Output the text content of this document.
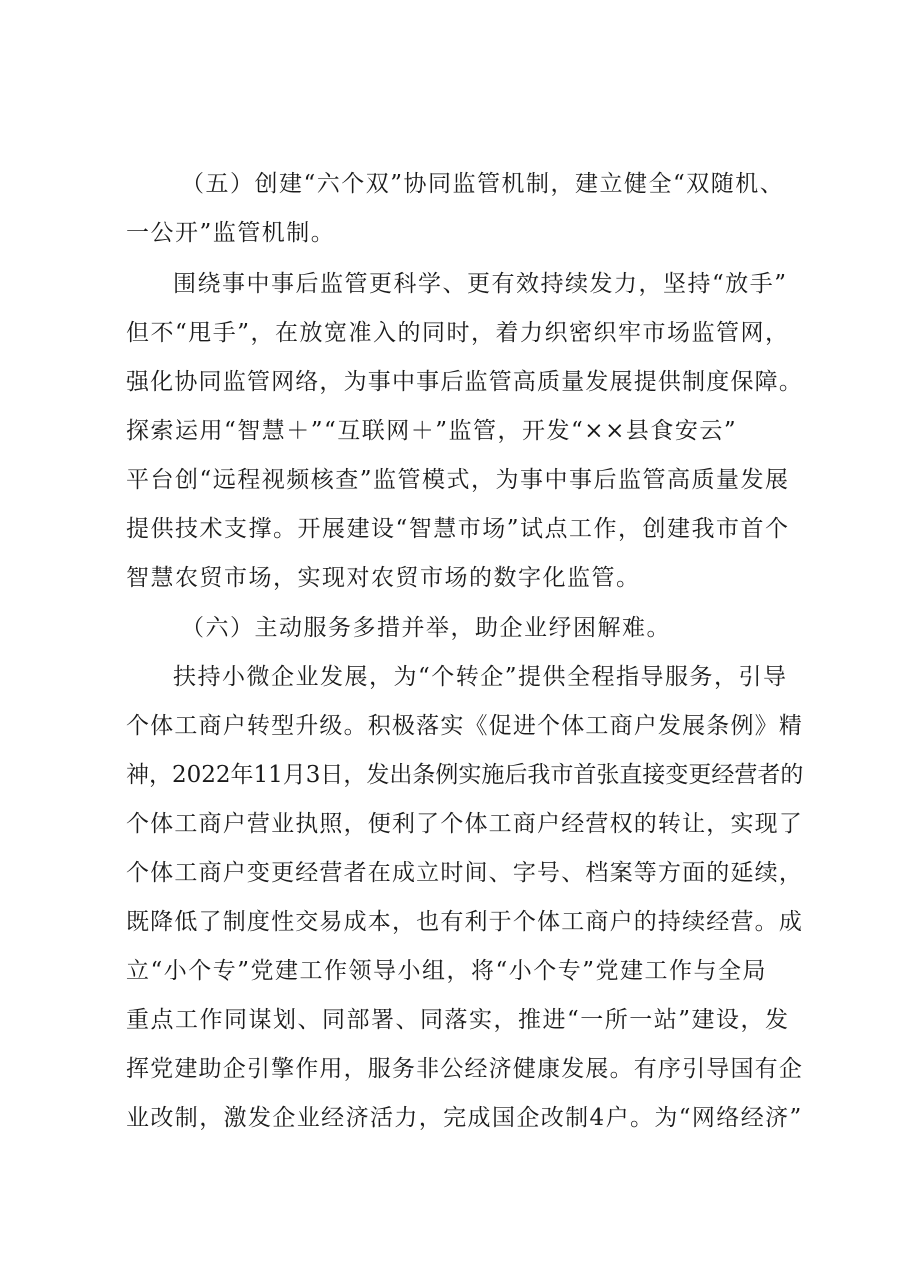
（五）创建“六个双”协同监管机制，建立健全“双随机、
一公开”监管机制。
围绕事中事后监管更科学、更有效持续发力，坚持“放手”
但不“甩手”，在放宽准入的同时，着力织密织牢市场监管网，
强化协同监管网络，为事中事后监管高质量发展提供制度保障。
探索运用“智慧＋”“互联网＋”监管，开发“××县食安云”
平台创“远程视频核查”监管模式，为事中事后监管高质量发展
提供技术支撑。开展建设“智慧市场”试点工作，创建我市首个
智慧农贸市场，实现对农贸市场的数字化监管。
（六）主动服务多措并举，助企业纾困解难。
扶持小微企业发展，为“个转企”提供全程指导服务，引导
个体工商户转型升级。积极落实《促进个体工商户发展条例》精
神，2022年11月3日，发出条例实施后我市首张直接变更经营者的
个体工商户营业执照，便利了个体工商户经营权的转让，实现了
个体工商户变更经营者在成立时间、字号、档案等方面的延续，
既降低了制度性交易成本，也有利于个体工商户的持续经营。成
立“小个专”党建工作领导小组，将“小个专”党建工作与全局
重点工作同谋划、同部署、同落实，推进“一所一站”建设，发
挥党建助企引擎作用，服务非公经济健康发展。有序引导国有企
业改制，激发企业经济活力，完成国企改制4户。为“网络经济”
